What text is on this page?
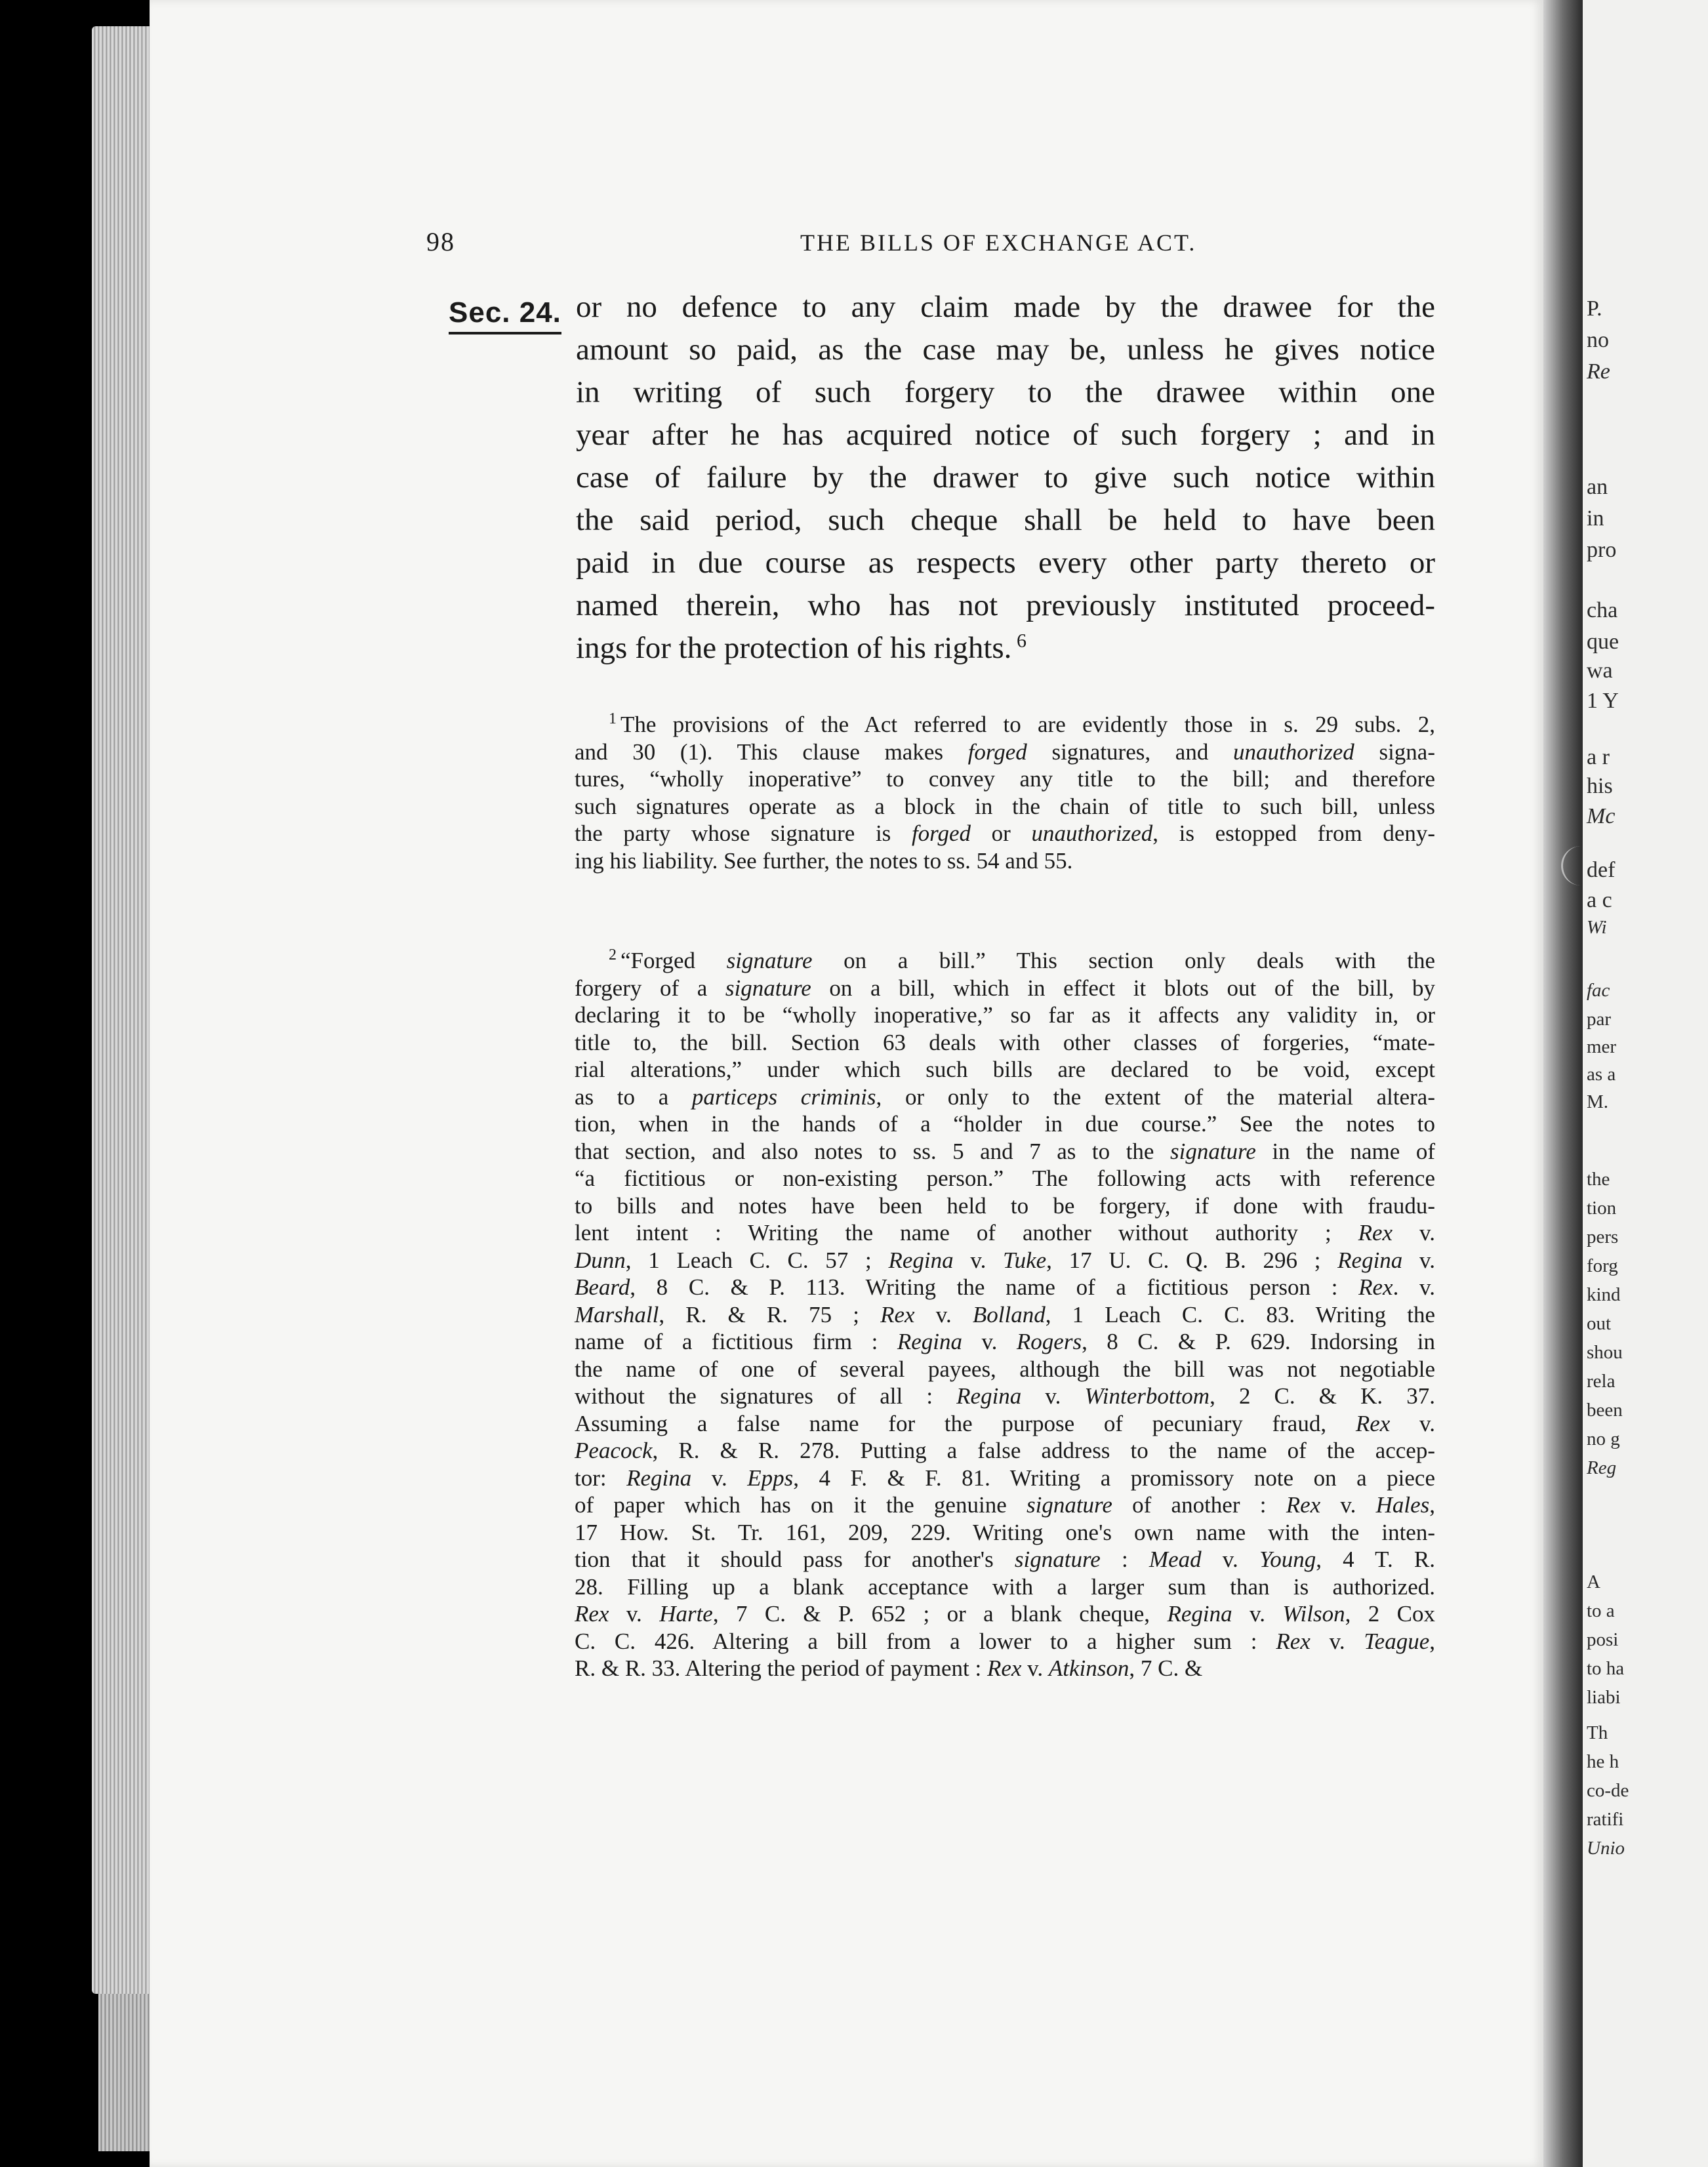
P.
no
Re
an
in
pro
cha
que
wa
1 Y
a r
his
Mc
def
a c
Wi
fac
par
mer
as a
M.
the
tion
pers
forg
kind
out
shou
rela
been
no g
Reg
A
to a
posi
to ha
liabi
Th
he h
co-de
ratifi
Unio
98	THE BILLS OF EXCHANGE ACT.
Sec. 24. or no defence to any claim made by the drawee for the
amount so paid, as the case may be, unless he gives notice
in writing of such forgery to the drawee within one
year after he has acquired notice of such forgery ; and in
case of failure by the drawer to give such notice within
the said period, such cheque shall be held to have been
paid in due course as respects every other party thereto or
named therein, who has not previously instituted proceed-
ings for the protection of his rights. $^6$
$^1$ The provisions of the Act referred to are evidently those in s. 29 subs. 2,
and 30 (1). This clause makes forged signatures, and unauthorized signa-
tures, “wholly inoperative” to convey any title to the bill; and therefore
such signatures operate as a block in the chain of title to such bill, unless
the party whose signature is forged or unauthorized, is estopped from deny-
ing his liability. See further, the notes to ss. 54 and 55.
$^2$ “Forged signature on a bill.” This section only deals with the
forgery of a signature on a bill, which in effect it blots out of the bill, by
declaring it to be “wholly inoperative,” so far as it affects any validity in, or
title to, the bill. Section 63 deals with other classes of forgeries, “mate-
rial alterations,” under which such bills are declared to be void, except
as to a particeps criminis, or only to the extent of the material altera-
tion, when in the hands of a “holder in due course.” See the notes to
that section, and also notes to ss. 5 and 7 as to the signature in the name of
“a fictitious or non-existing person.” The following acts with reference
to bills and notes have been held to be forgery, if done with fraudu-
lent intent : Writing the name of another without authority ; Rex v.
Dunn, 1 Leach C. C. 57 ; Regina v. Tuke, 17 U. C. Q. B. 296 ; Regina v.
Beard, 8 C. & P. 113. Writing the name of a fictitious person : Rex. v.
Marshall, R. & R. 75 ; Rex v. Bolland, 1 Leach C. C. 83. Writing the
name of a fictitious firm : Regina v. Rogers, 8 C. & P. 629. Indorsing in
the name of one of several payees, although the bill was not negotiable
without the signatures of all : Regina v. Winterbottom, 2 C. & K. 37.
Assuming a false name for the purpose of pecuniary fraud, Rex v.
Peacock, R. & R. 278. Putting a false address to the name of the accep-
tor: Regina v. Epps, 4 F. & F. 81. Writing a promissory note on a piece
of paper which has on it the genuine signature of another : Rex v. Hales,
17 How. St. Tr. 161, 209, 229. Writing one's own name with the inten-
tion that it should pass for another's signature : Mead v. Young, 4 T. R.
28. Filling up a blank acceptance with a larger sum than is authorized.
Rex v. Harte, 7 C. & P. 652 ; or a blank cheque, Regina v. Wilson, 2 Cox
C. C. 426. Altering a bill from a lower to a higher sum : Rex v. Teague,
R. & R. 33. Altering the period of payment : Rex v. Atkinson, 7 C. &
